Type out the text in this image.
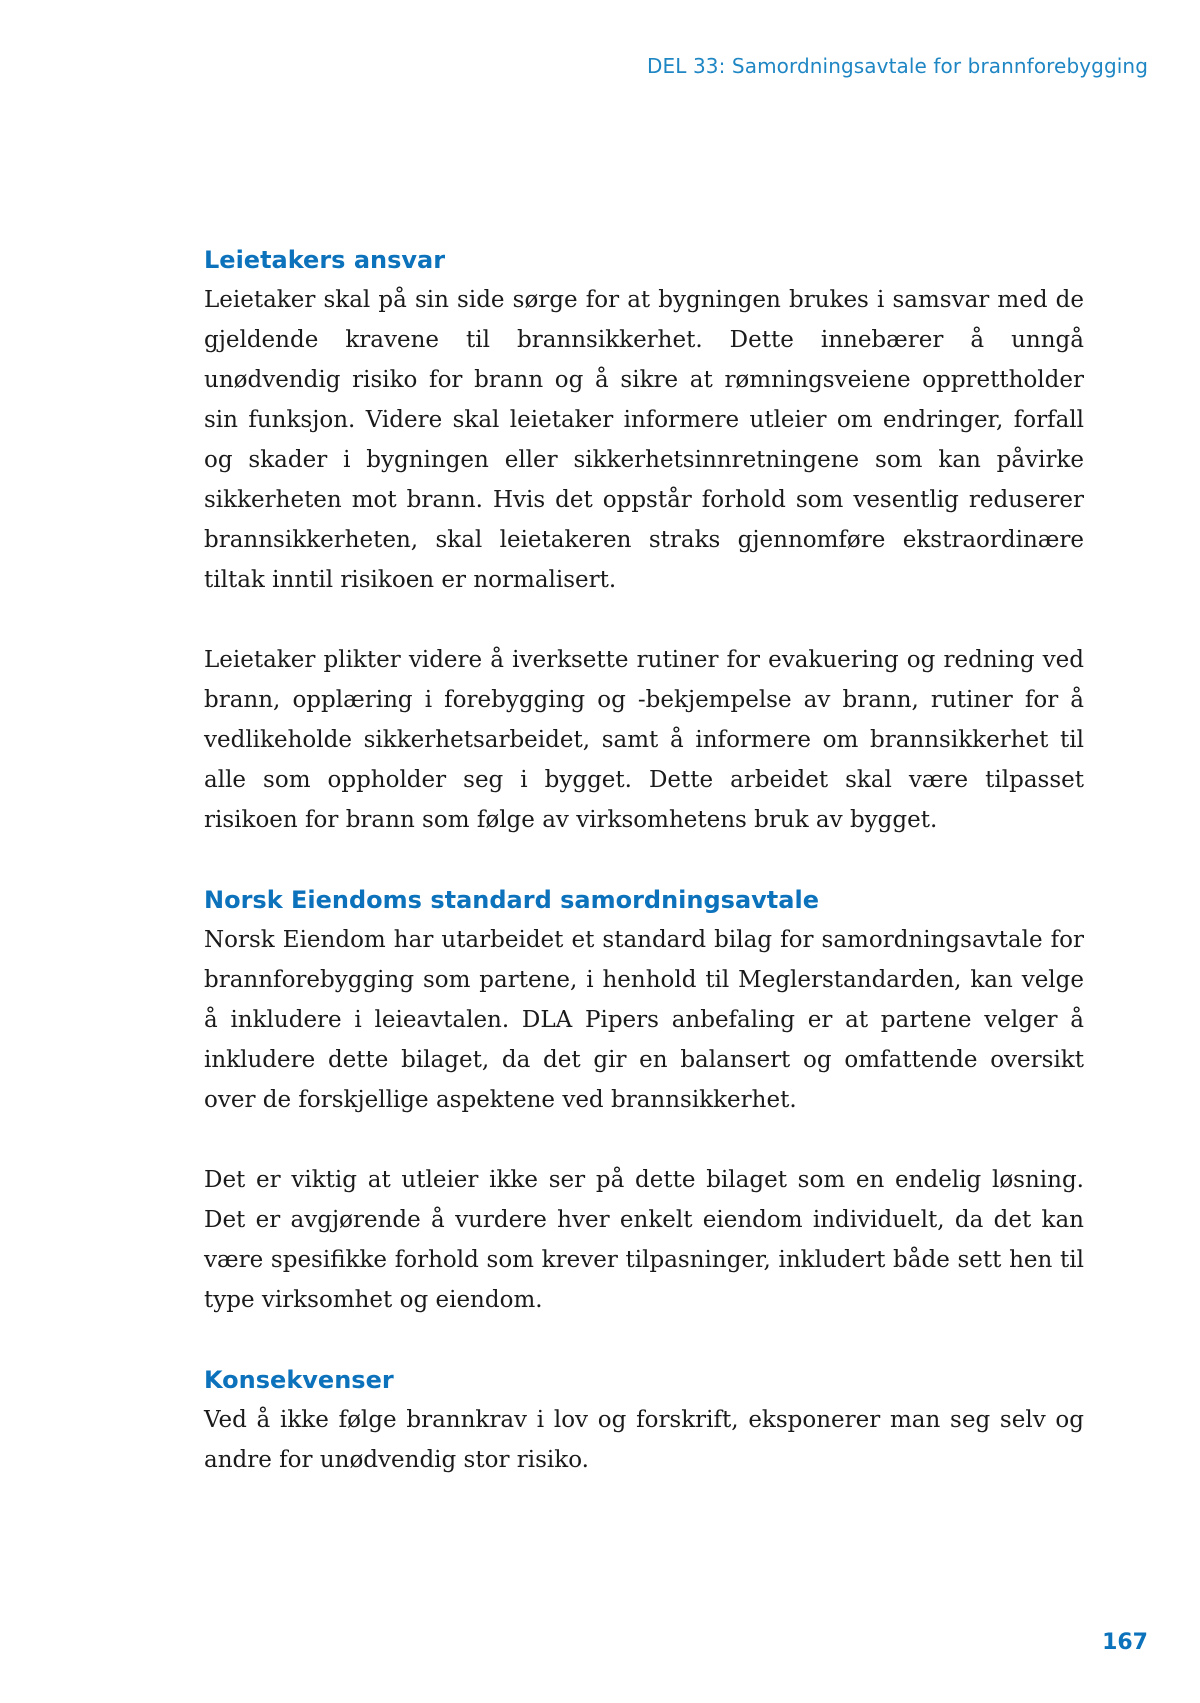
DEL 33: Samordningsavtale for brannforebygging
Leietakers ansvar

Leietaker skal på sin side sørge for at bygningen brukes i samsvar med de gjeldende kravene til brannsikkerhet. Dette innebærer å unngå unødvendig risiko for brann og å sikre at rømningsveiene opprettholder sin funksjon. Videre skal leietaker informere utleier om endringer, forfall og skader i bygningen eller sikkerhetsinnretningene som kan påvirke sikkerheten mot brann. Hvis det oppstår forhold som vesentlig reduserer brannsikkerheten, skal leietakeren straks gjennomføre ekstraordinære tiltak inntil risikoen er normalisert.

Leietaker plikter videre å iverksette rutiner for evakuering og redning ved brann, opplæring i forebygging og -bekjempelse av brann, rutiner for å vedlikeholde sikkerhetsarbeidet, samt å informere om brannsikkerhet til alle som oppholder seg i bygget. Dette arbeidet skal være tilpasset risikoen for brann som følge av virksomhetens bruk av bygget.

Norsk Eiendoms standard samordningsavtale

Norsk Eiendom har utarbeidet et standard bilag for samordningsavtale for brannforebygging som partene, i henhold til Meglerstandarden, kan velge å inkludere i leieavtalen. DLA Pipers anbefaling er at partene velger å inkludere dette bilaget, da det gir en balansert og omfattende oversikt over de forskjellige aspektene ved brannsikkerhet.

Det er viktig at utleier ikke ser på dette bilaget som en endelig løsning. Det er avgjørende å vurdere hver enkelt eiendom individuelt, da det kan være spesifikke forhold som krever tilpasninger, inkludert både sett hen til type virksomhet og eiendom.

Konsekvenser

Ved å ikke følge brannkrav i lov og forskrift, eksponerer man seg selv og andre for unødvendig stor risiko.

167
